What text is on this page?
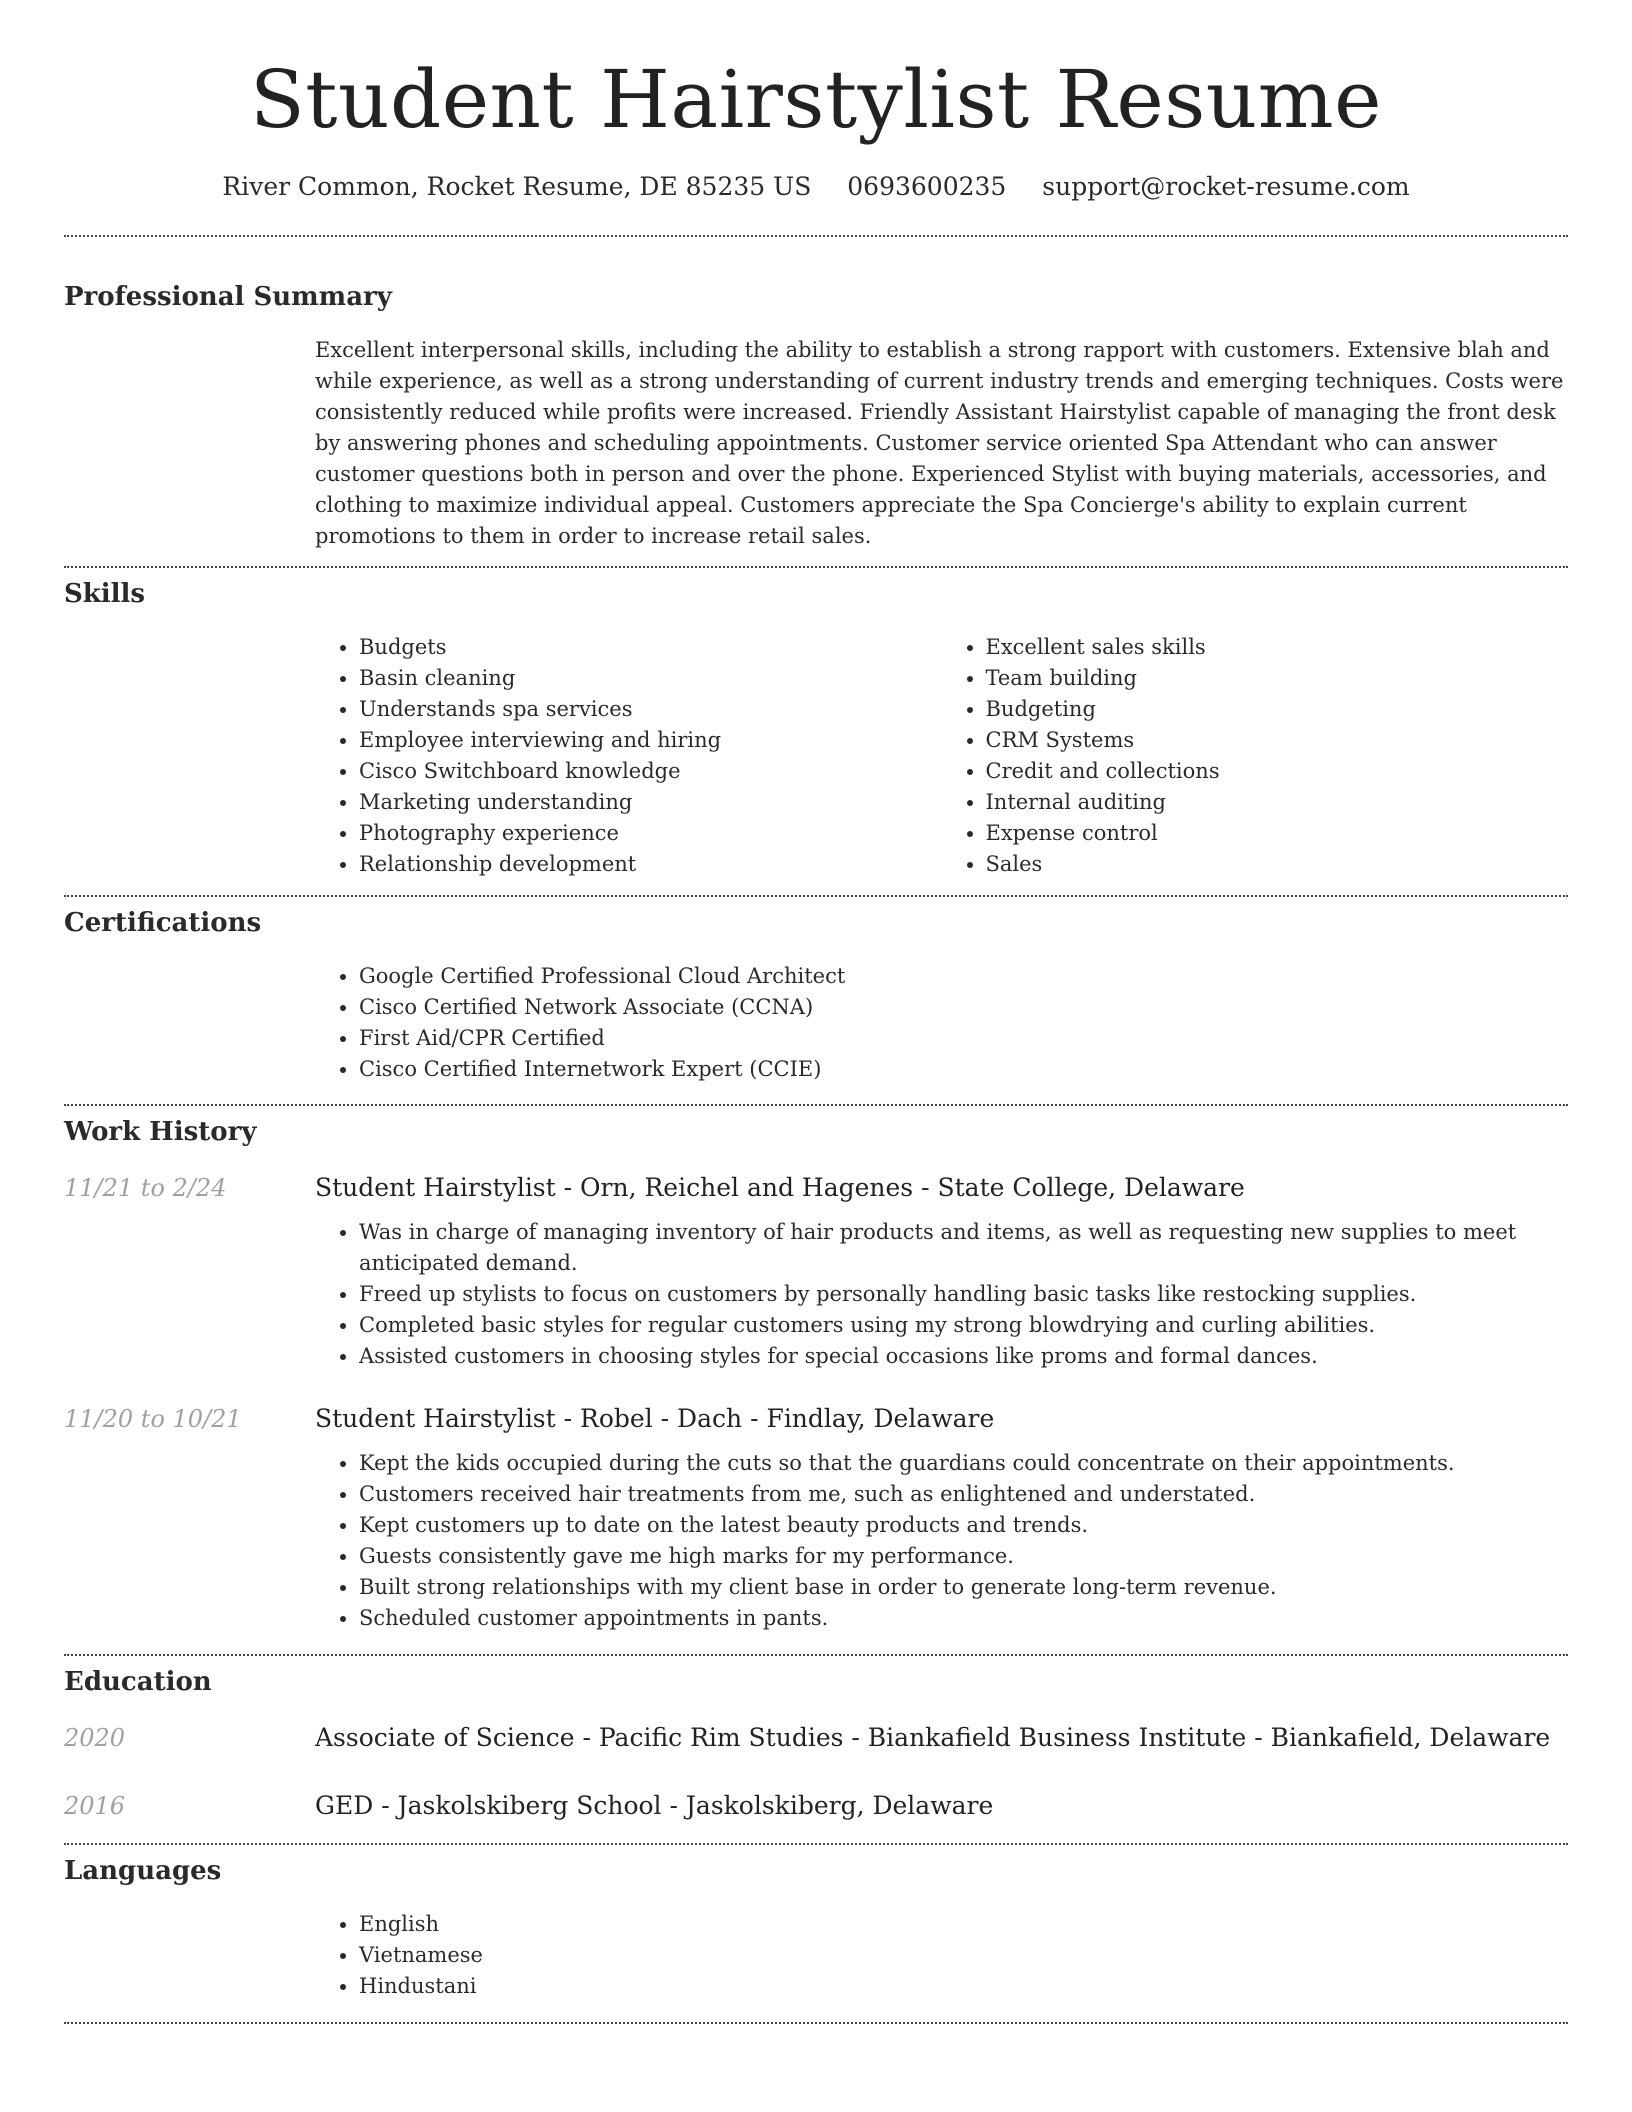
Student Hairstylist Resume
River Common, Rocket Resume, DE 85235 US 0693600235 support@rocket-resume.com
Professional Summary

Excellent interpersonal skills, including the ability to establish a strong rapport with customers. Extensive blah and while experience, as well as a strong understanding of current industry trends and emerging techniques. Costs were consistently reduced while profits were increased. Friendly Assistant Hairstylist capable of managing the front desk by answering phones and scheduling appointments. Customer service oriented Spa Attendant who can answer customer questions both in person and over the phone. Experienced Stylist with buying materials, accessories, and clothing to maximize individual appeal. Customers appreciate the Spa Concierge's ability to explain current promotions to them in order to increase retail sales.

Skills
• Budgets
• Basin cleaning
• Understands spa services
• Employee interviewing and hiring
• Cisco Switchboard knowledge
• Marketing understanding
• Photography experience
• Relationship development
• Excellent sales skills
• Team building
• Budgeting
• CRM Systems
• Credit and collections
• Internal auditing
• Expense control
• Sales
Certifications
• Google Certified Professional Cloud Architect
• Cisco Certified Network Associate (CCNA)
• First Aid/CPR Certified
• Cisco Certified Internetwork Expert (CCIE)
Work History
11/21 to 2/24	Student Hairstylist - Orn, Reichel and Hagenes - State College, Delaware
• Was in charge of managing inventory of hair products and items, as well as requesting new supplies to meet anticipated demand.
• Freed up stylists to focus on customers by personally handling basic tasks like restocking supplies.
• Completed basic styles for regular customers using my strong blowdrying and curling abilities.
• Assisted customers in choosing styles for special occasions like proms and formal dances.
11/20 to 10/21	Student Hairstylist - Robel - Dach - Findlay, Delaware
• Kept the kids occupied during the cuts so that the guardians could concentrate on their appointments.
• Customers received hair treatments from me, such as enlightened and understated.
• Kept customers up to date on the latest beauty products and trends.
• Guests consistently gave me high marks for my performance.
• Built strong relationships with my client base in order to generate long-term revenue.
• Scheduled customer appointments in pants.
Education
2020	Associate of Science - Pacific Rim Studies - Biankafield Business Institute - Biankafield, Delaware
2016	GED - Jaskolskiberg School - Jaskolskiberg, Delaware
Languages
• English
• Vietnamese
• Hindustani
